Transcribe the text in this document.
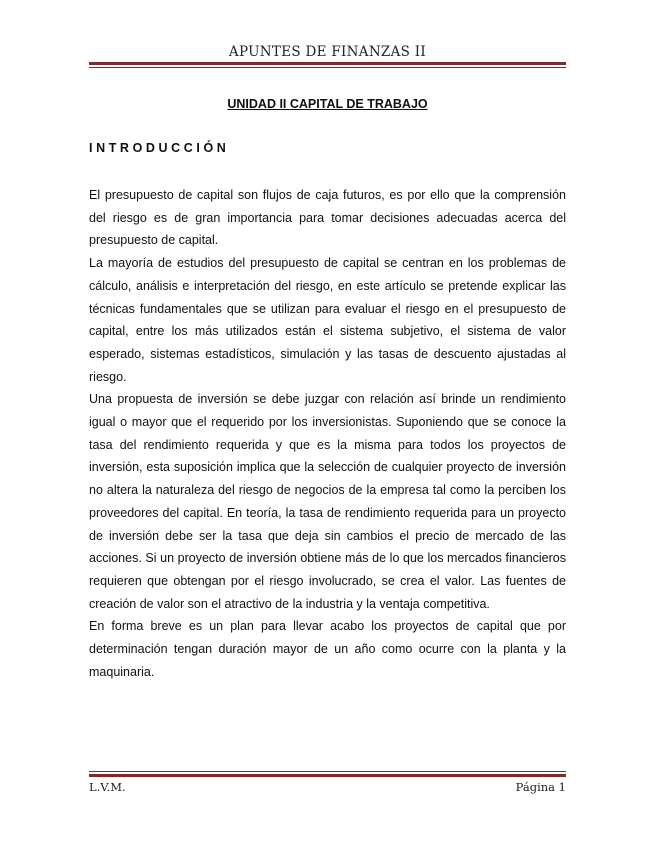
APUNTES DE FINANZAS II
UNIDAD II CAPITAL DE TRABAJO
INTRODUCCIÓN

El presupuesto de capital son flujos de caja futuros, es por ello que la comprensión del riesgo es de gran importancia para tomar decisiones adecuadas acerca del presupuesto de capital.

La mayoría de estudios del presupuesto de capital se centran en los problemas de cálculo, análisis e interpretación del riesgo, en este artículo se pretende explicar las técnicas fundamentales que se utilizan para evaluar el riesgo en el presupuesto de capital, entre los más utilizados están el sistema subjetivo, el sistema de valor esperado, sistemas estadísticos, simulación y las tasas de descuento ajustadas al riesgo.

Una propuesta de inversión se debe juzgar con relación así brinde un rendimiento igual o mayor que el requerido por los inversionistas. Suponiendo que se conoce la tasa del rendimiento requerida y que es la misma para todos los proyectos de inversión, esta suposición implica que la selección de cualquier proyecto de inversión no altera la naturaleza del riesgo de negocios de la empresa tal como la perciben los proveedores del capital. En teoría, la tasa de rendimiento requerida para un proyecto de inversión debe ser la tasa que deja sin cambios el precio de mercado de las acciones. Si un proyecto de inversión obtiene más de lo que los mercados financieros requieren que obtengan por el riesgo involucrado, se crea el valor. Las fuentes de creación de valor son el atractivo de la industria y la ventaja competitiva.

En forma breve es un plan para llevar acabo los proyectos de capital que por determinación tengan duración mayor de un año como ocurre con la planta y la maquinaria.

L.V.M.	Página 1
